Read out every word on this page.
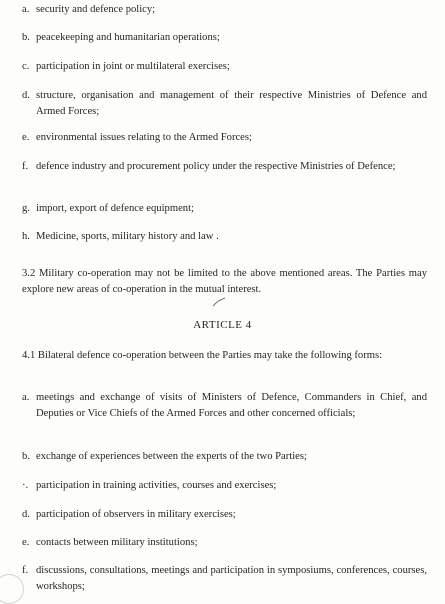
a. security and defence policy;
b. peacekeeping and humanitarian operations;
c. participation in joint or multilateral exercises;
d. structure, organisation and management of their respective Ministries of Defence and Armed Forces;
e. environmental issues relating to the Armed Forces;
f. defence industry and procurement policy under the respective Ministries of Defence;
g. import, export of defence equipment;
h. Medicine, sports, military history and law .
3.2 Military co-operation may not be limited to the above mentioned areas. The Parties may explore new areas of co-operation in the mutual interest.
ARTICLE 4
4.1 Bilateral defence co-operation between the Parties may take the following forms:
a. meetings and exchange of visits of Ministers of Defence, Commanders in Chief, and Deputies or Vice Chiefs of the Armed Forces and other concerned officials;
b. exchange of experiences between the experts of the two Parties;
·. participation in training activities, courses and exercises;
d. participation of observers in military exercises;
e. contacts between military institutions;
f. discussions, consultations, meetings and participation in symposiums, conferences, courses, workshops;
